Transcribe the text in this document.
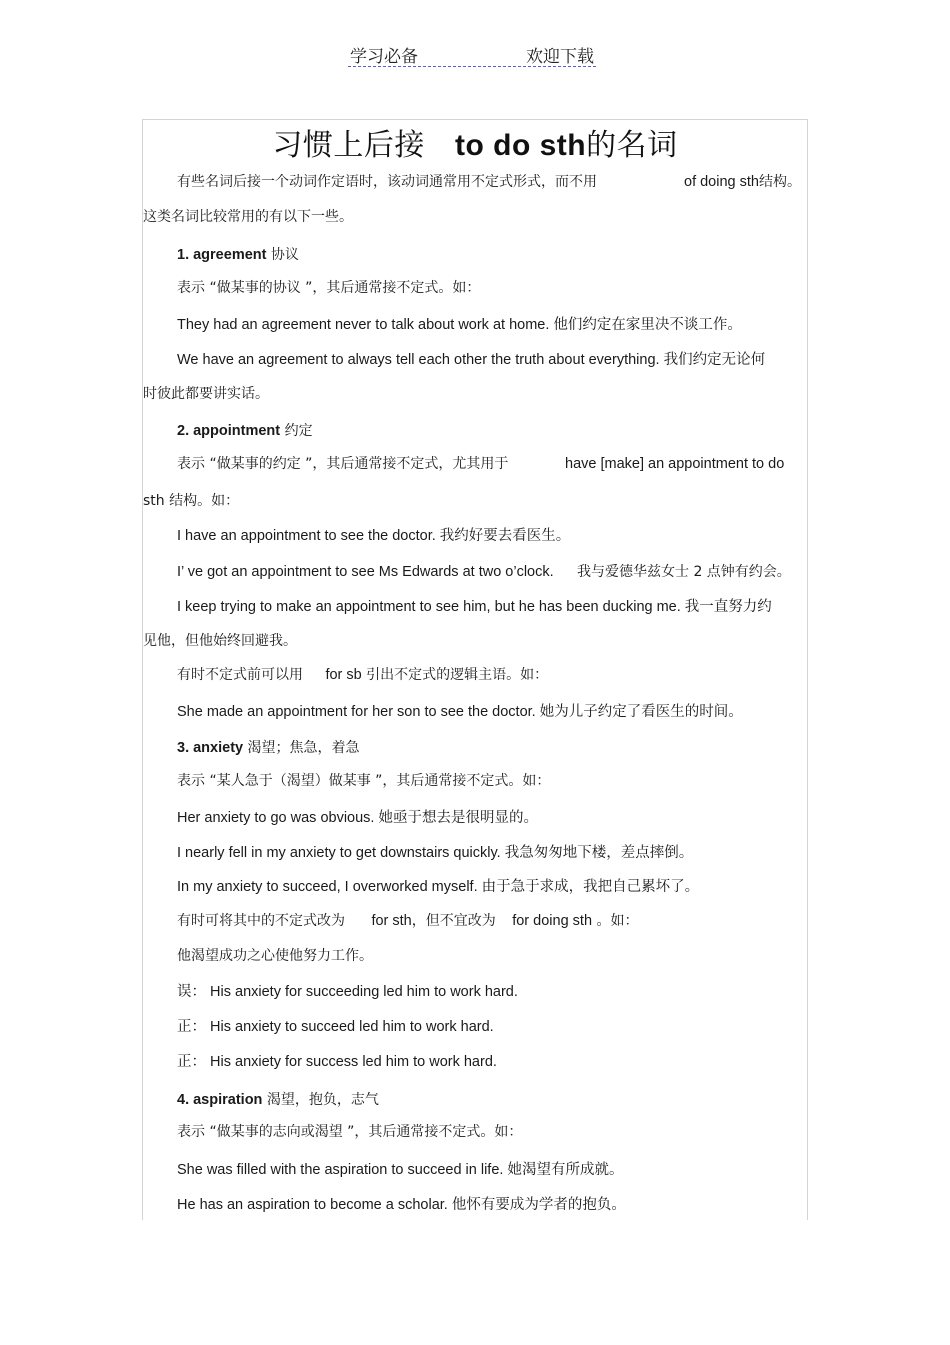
学习必备	欢迎下载
习惯上后接 to do sth的名词
有些名词后接一个动词作定语时，该动词通常用不定式形式，而不用	of doing sth结构。
这类名词比较常用的有以下一些。
1. agreement 协议
表示 “做某事的协议 ”，其后通常接不定式。如：
They had an agreement never to talk about work at home. 他们约定在家里决不谈工作。
We have an agreement to always tell each other the truth about everything. 我们约定无论何
时彼此都要讲实话。
2. appointment 约定
表示 “做某事的约定 ”，其后通常接不定式，尤其用于	have [make] an appointment to do
sth 结构。如：
I have an appointment to see the doctor. 我约好要去看医生。
I’ ve got an appointment to see Ms Edwards at two o’clock. 我与爱德华兹女士 2 点钟有约会。
I keep trying to make an appointment to see him, but he has been ducking me. 我一直努力约
见他，但他始终回避我。
有时不定式前可以用 for sb 引出不定式的逻辑主语。如：
She made an appointment for her son to see the doctor. 她为儿子约定了看医生的时间。
3. anxiety 渴望；焦急，着急
表示 “某人急于（渴望）做某事 ”，其后通常接不定式。如：
Her anxiety to go was obvious. 她亟于想去是很明显的。
I nearly fell in my anxiety to get downstairs quickly. 我急匆匆地下楼，差点摔倒。
In my anxiety to succeed, I overworked myself. 由于急于求成，我把自己累坏了。
有时可将其中的不定式改为 for sth，但不宜改为 for doing sth 。如：
他渴望成功之心使他努力工作。
误： His anxiety for succeeding led him to work hard.
正： His anxiety to succeed led him to work hard.
正： His anxiety for success led him to work hard.
4. aspiration 渴望，抱负，志气
表示 “做某事的志向或渴望 ”，其后通常接不定式。如：
She was filled with the aspiration to succeed in life. 她渴望有所成就。
He has an aspiration to become a scholar. 他怀有要成为学者的抱负。
